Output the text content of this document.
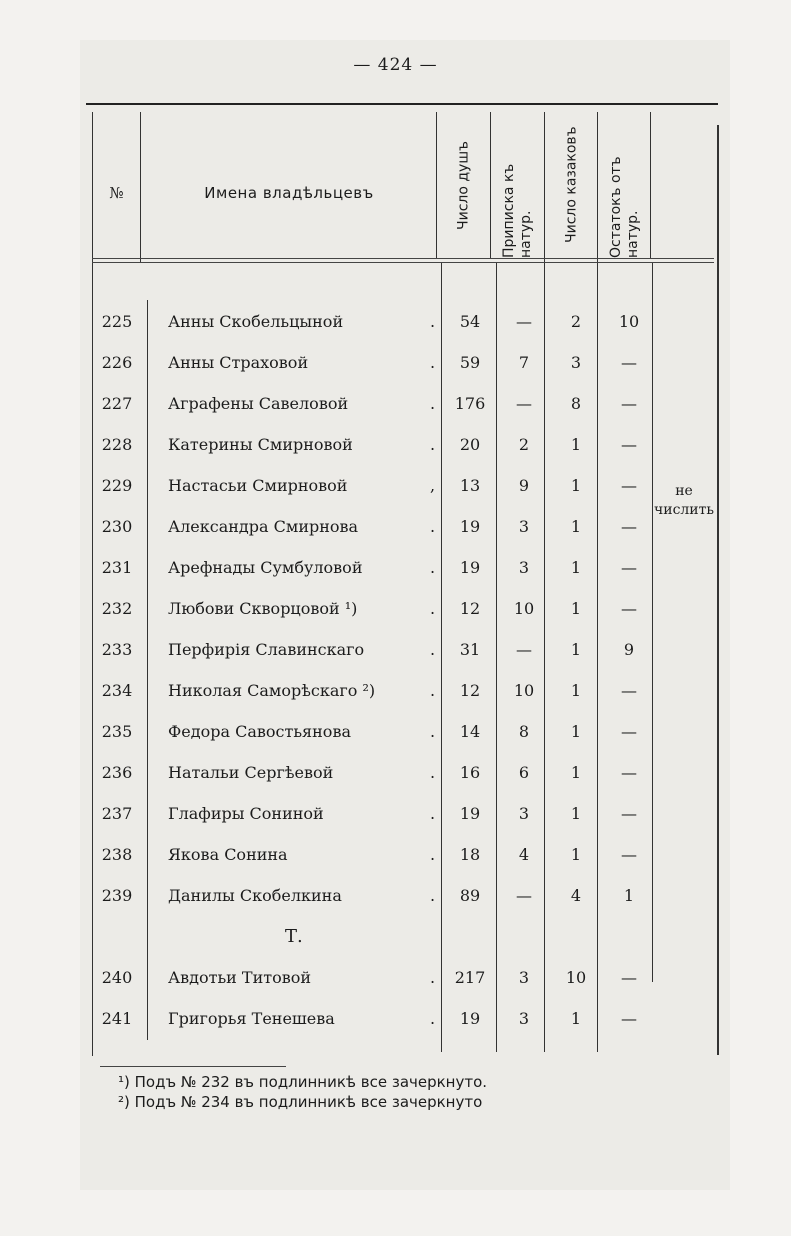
— 424 —
№	Имена владѣльцевъ	Число душъ	Приписка къ натур.	Число казаковъ	Остатокъ отъ натур.
225	Анны Скобельцыной	.	54	—	2	10
226	Анны Страховой	.	59	7	3	—
227	Аграфены Савеловой	.	176	—	8	—
228	Катерины Смирновой	.	20	2	1	—
229	Настасьи Смирновой	,	13	9	1	—
230	Александра Смирнова	.	19	3	1	—
231	Арефнады Сумбуловой	.	19	3	1	—
232	Любови Скворцовой ¹)	.	12	10	1	—
233	Перфирія Славинскаго	.	31	—	1	9
234	Николая Саморѣскаго ²)	.	12	10	1	—
235	Федора Савостьянова	.	14	8	1	—
236	Натальи Сергѣевой	.	16	6	1	—
237	Глафиры Сониной	.	19	3	1	—
238	Якова Сонина	.	18	4	1	—
239	Данилы Скобелкина	.	89	—	4	1
Т.
240	Авдотьи Титовой	.	217	3	10	—
241	Григорья Тенешева	.	19	3	1	—
не числить
¹) Подъ № 232 въ подлинникѣ все зачеркнуто.
²) Подъ № 234 въ подлинникѣ все зачеркнуто
